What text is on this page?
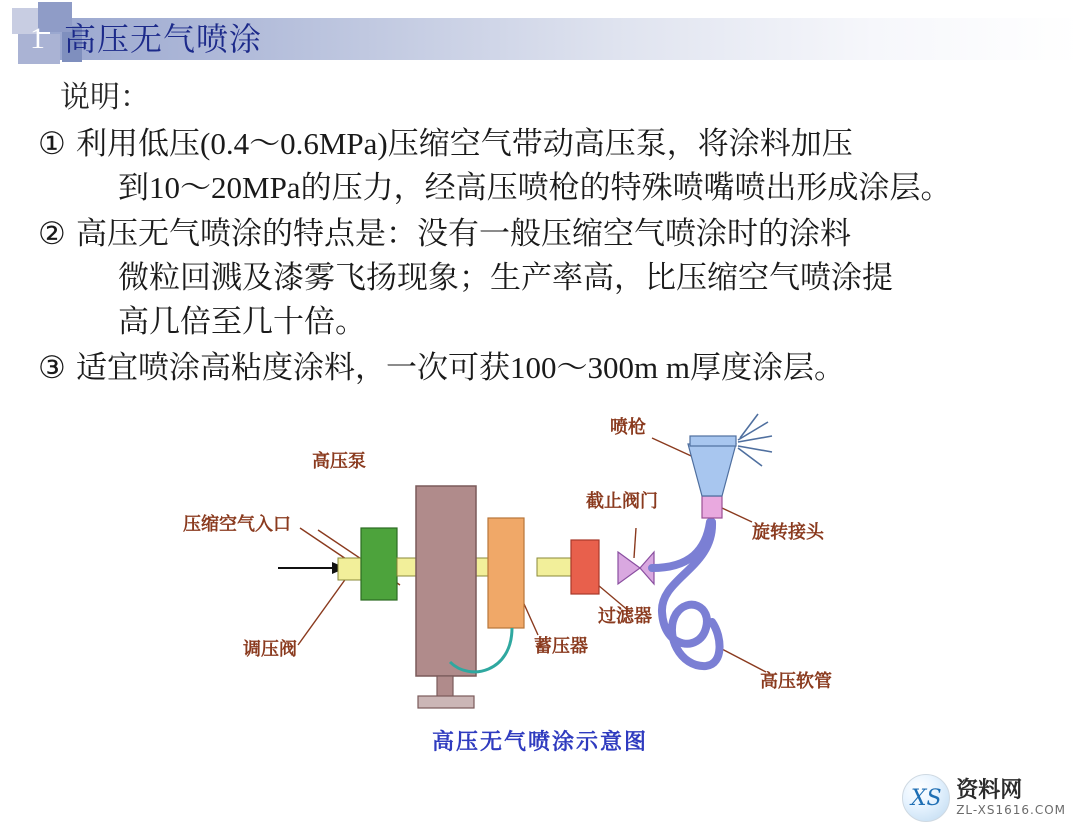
1 高压无气喷涂
说明：
① 利用低压(0.4～0.6MPa)压缩空气带动高压泵，将涂料加压
到10～20MPa的压力，经高压喷枪的特殊喷嘴喷出形成涂层。
② 高压无气喷涂的特点是：没有一般压缩空气喷涂时的涂料
微粒回溅及漆雾飞扬现象；生产率高，比压缩空气喷涂提
高几倍至几十倍。
③ 适宜喷涂高粘度涂料，一次可获100～300m m厚度涂层。
压缩空气入口
调压阀
高压泵
蓄压器
过滤器
截止阀门
喷枪
旋转接头
高压软管
高压无气喷涂示意图
XS 资料网
ZL-XS1616.COM
